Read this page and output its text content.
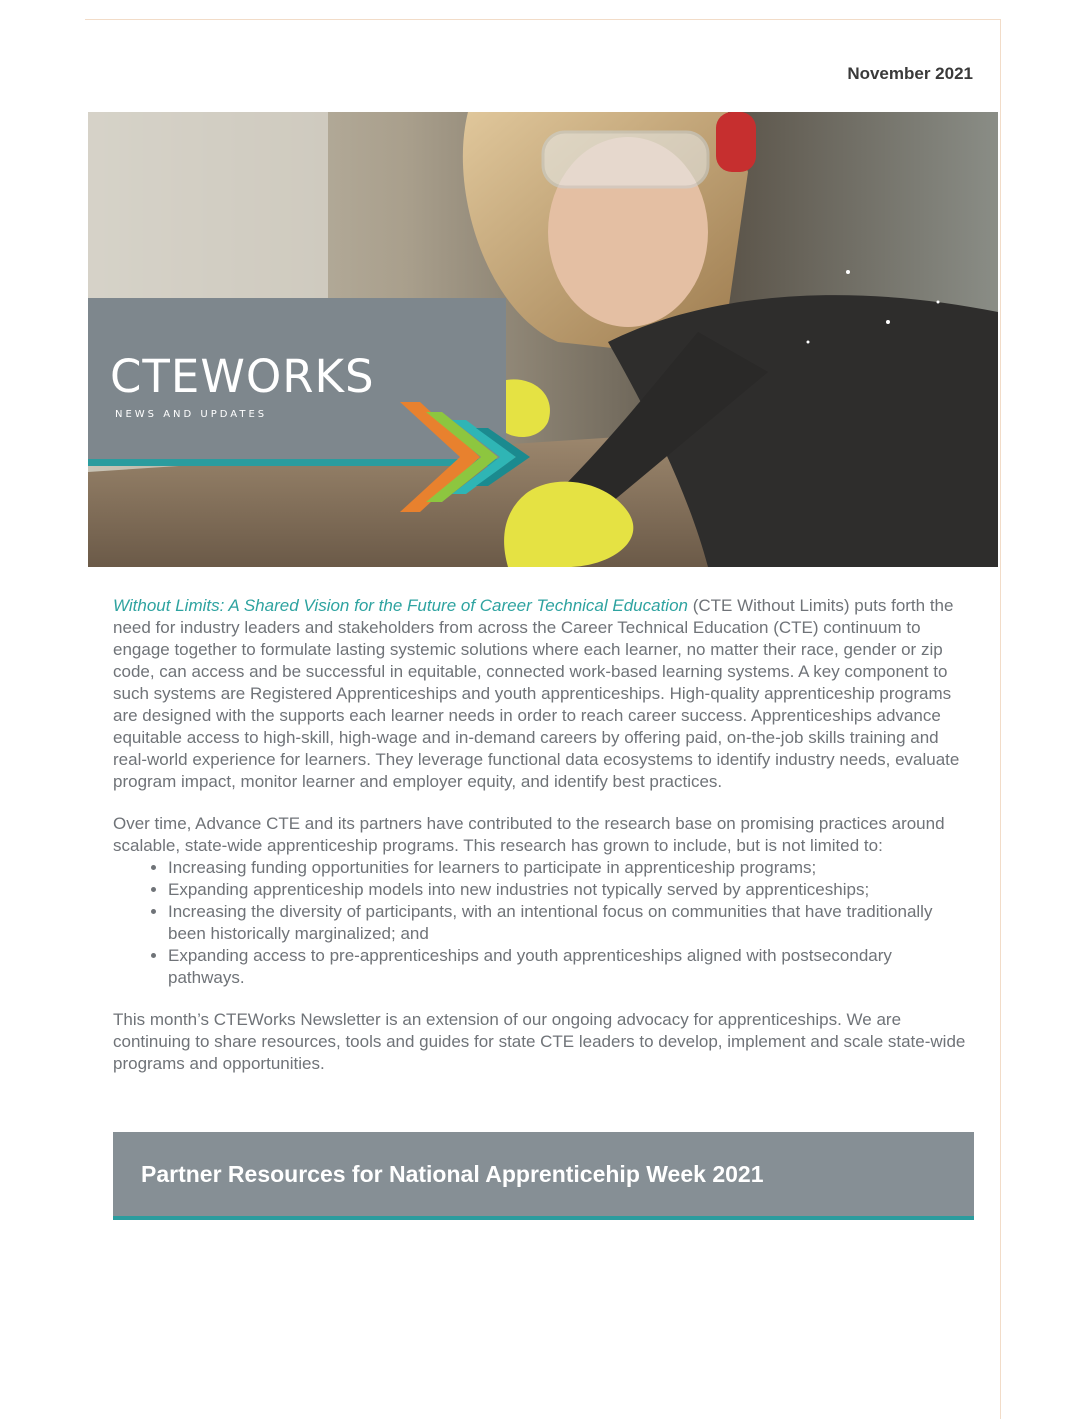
November 2021
CTEWORKS
NEWS AND UPDATES

Without Limits: A Shared Vision for the Future of Career Technical Education (CTE Without Limits) puts forth the need for industry leaders and stakeholders from across the Career Technical Education (CTE) continuum to engage together to formulate lasting systemic solutions where each learner, no matter their race, gender or zip code, can access and be successful in equitable, connected work-based learning systems. A key component to such systems are Registered Apprenticeships and youth apprenticeships. High-quality apprenticeship programs are designed with the supports each learner needs in order to reach career success. Apprenticeships advance equitable access to high-skill, high-wage and in-demand careers by offering paid, on-the-job skills training and real-world experience for learners. They leverage functional data ecosystems to identify industry needs, evaluate program impact, monitor learner and employer equity, and identify best practices.

Over time, Advance CTE and its partners have contributed to the research base on promising practices around scalable, state-wide apprenticeship programs. This research has grown to include, but is not limited to:

• Increasing funding opportunities for learners to participate in apprenticeship programs;
• Expanding apprenticeship models into new industries not typically served by apprenticeships;
• Increasing the diversity of participants, with an intentional focus on communities that have traditionally been historically marginalized; and
• Expanding access to pre-apprenticeships and youth apprenticeships aligned with postsecondary pathways.

This month’s CTEWorks Newsletter is an extension of our ongoing advocacy for apprenticeships. We are continuing to share resources, tools and guides for state CTE leaders to develop, implement and scale state-wide programs and opportunities.

Partner Resources for National Apprenticehip Week 2021
